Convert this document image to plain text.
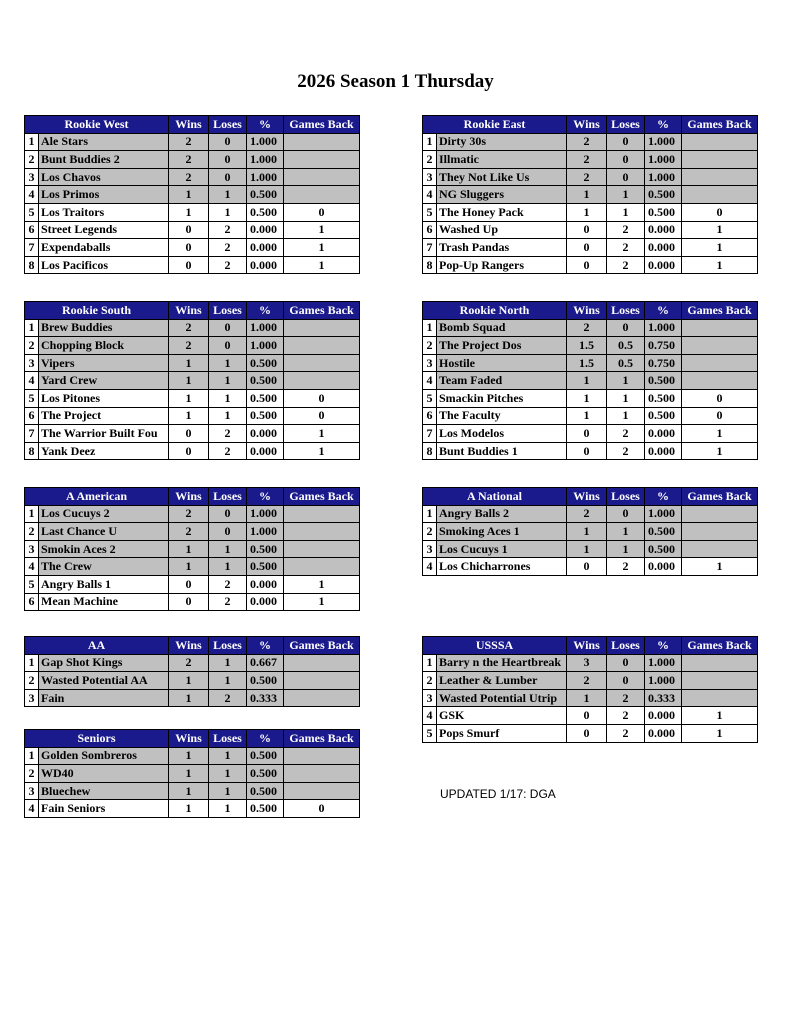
2026 Season 1 Thursday
Rookie West		Wins	Loses	%	Games Back
1	Ale Stars	2	0	1.000	
2	Bunt Buddies 2	2	0	1.000	
3	Los Chavos	2	0	1.000	
4	Los Primos	1	1	0.500	
5	Los Traitors	1	1	0.500	0
6	Street Legends	0	2	0.000	1
7	Expendaballs	0	2	0.000	1
8	Los Pacificos	0	2	0.000	1
Rookie East		Wins	Loses	%	Games Back
1	Dirty 30s	2	0	1.000	
2	Illmatic	2	0	1.000	
3	They Not Like Us	2	0	1.000	
4	NG Sluggers	1	1	0.500	
5	The Honey Pack	1	1	0.500	0
6	Washed Up	0	2	0.000	1
7	Trash Pandas	0	2	0.000	1
8	Pop-Up Rangers	0	2	0.000	1
Rookie South		Wins	Loses	%	Games Back
1	Brew Buddies	2	0	1.000	
2	Chopping Block	2	0	1.000	
3	Vipers	1	1	0.500	
4	Yard Crew	1	1	0.500	
5	Los Pitones	1	1	0.500	0
6	The Project	1	1	0.500	0
7	The Warrior Built Fou	0	2	0.000	1
8	Yank Deez	0	2	0.000	1
Rookie North		Wins	Loses	%	Games Back
1	Bomb Squad	2	0	1.000	
2	The Project Dos	1.5	0.5	0.750	
3	Hostile	1.5	0.5	0.750	
4	Team Faded	1	1	0.500	
5	Smackin Pitches	1	1	0.500	0
6	The Faculty	1	1	0.500	0
7	Los Modelos	0	2	0.000	1
8	Bunt Buddies 1	0	2	0.000	1
A American		Wins	Loses	%	Games Back
1	Los Cucuys 2	2	0	1.000	
2	Last Chance U	2	0	1.000	
3	Smokin Aces 2	1	1	0.500	
4	The Crew	1	1	0.500	
5	Angry Balls 1	0	2	0.000	1
6	Mean Machine	0	2	0.000	1
A National		Wins	Loses	%	Games Back
1	Angry Balls 2	2	0	1.000	
2	Smoking Aces 1	1	1	0.500	
3	Los Cucuys 1	1	1	0.500	
4	Los Chicharrones	0	2	0.000	1
AA		Wins	Loses	%	Games Back
1	Gap Shot Kings	2	1	0.667	
2	Wasted Potential AA	1	1	0.500	
3	Fain	1	2	0.333	
USSSA		Wins	Loses	%	Games Back
1	Barry n the Heartbreak	3	0	1.000	
2	Leather & Lumber	2	0	1.000	
3	Wasted Potential Utrip	1	2	0.333	
4	GSK	0	2	0.000	1
5	Pops Smurf	0	2	0.000	1
Seniors		Wins	Loses	%	Games Back
1	Golden Sombreros	1	1	0.500	
2	WD40	1	1	0.500	
3	Bluechew	1	1	0.500	
4	Fain Seniors	1	1	0.500	0
UPDATED 1/17: DGA
